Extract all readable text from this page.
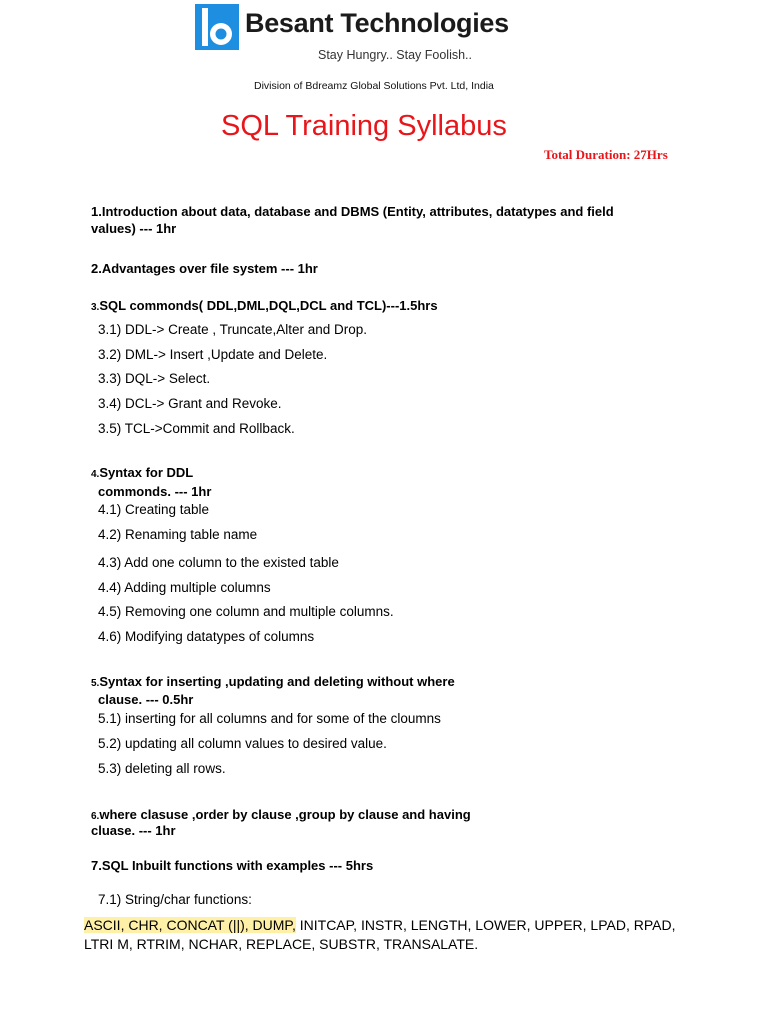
Besant Technologies
Stay Hungry.. Stay Foolish..
Division of Bdreamz Global Solutions Pvt. Ltd, India
SQL Training Syllabus
Total Duration: 27Hrs
1.Introduction about data, database and DBMS (Entity, attributes, datatypes and field
values) --- 1hr
2.Advantages over file system --- 1hr
3.SQL commonds( DDL,DML,DQL,DCL and TCL)---1.5hrs
3.1) DDL-> Create , Truncate,Alter and Drop.
3.2) DML-> Insert ,Update and Delete.
3.3) DQL-> Select.
3.4) DCL-> Grant and Revoke.
3.5) TCL->Commit and Rollback.
4.Syntax for DDL
commonds. --- 1hr
4.1) Creating table
4.2) Renaming table name
4.3) Add one column to the existed table
4.4) Adding multiple columns
4.5) Removing one column and multiple columns.
4.6) Modifying datatypes of columns
5.Syntax for inserting ,updating and deleting without where
clause. --- 0.5hr
5.1) inserting for all columns and for some of the cloumns
5.2) updating all column values to desired value.
5.3) deleting all rows.
6.where clasuse ,order by clause ,group by clause and having
cluase. --- 1hr
7.SQL Inbuilt functions with examples --- 5hrs
7.1) String/char functions:
ASCII, CHR, CONCAT (||), DUMP, INITCAP, INSTR, LENGTH, LOWER, UPPER, LPAD, RPAD,
LTRI M, RTRIM, NCHAR, REPLACE, SUBSTR, TRANSALATE.
